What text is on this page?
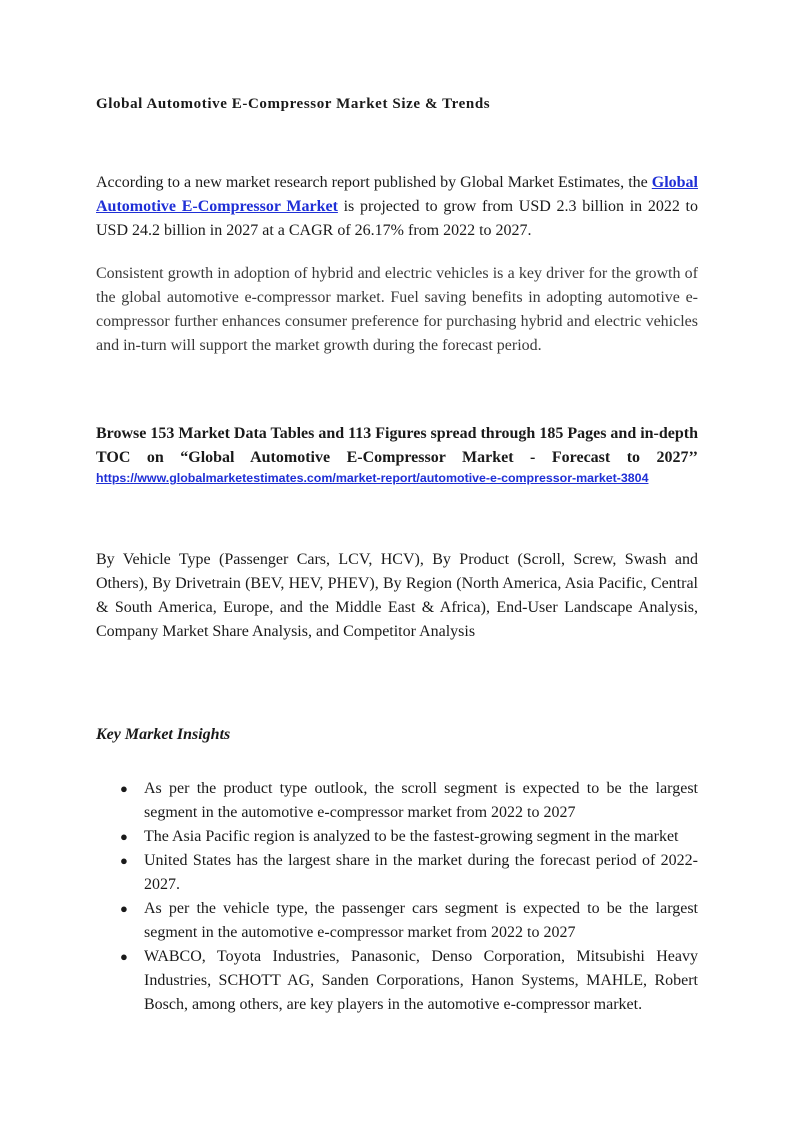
Global Automotive E-Compressor Market Size & Trends

According to a new market research report published by Global Market Estimates, the Global Automotive E-Compressor Market is projected to grow from USD 2.3 billion in 2022 to USD 24.2 billion in 2027 at a CAGR of 26.17% from 2022 to 2027.

Consistent growth in adoption of hybrid and electric vehicles is a key driver for the growth of the global automotive e-compressor market. Fuel saving benefits in adopting automotive e-compressor further enhances consumer preference for purchasing hybrid and electric vehicles and in-turn will support the market growth during the forecast period.

Browse 153 Market Data Tables and 113 Figures spread through 185 Pages and in-depth TOC on “Global Automotive E-Compressor Market - Forecast to 2027’’

https://www.globalmarketestimates.com/market-report/automotive-e-compressor-market-3804

By Vehicle Type (Passenger Cars, LCV, HCV), By Product (Scroll, Screw, Swash and Others), By Drivetrain (BEV, HEV, PHEV), By Region (North America, Asia Pacific, Central & South America, Europe, and the Middle East & Africa), End-User Landscape Analysis, Company Market Share Analysis, and Competitor Analysis

Key Market Insights
● As per the product type outlook, the scroll segment is expected to be the largest segment in the automotive e-compressor market from 2022 to 2027
● The Asia Pacific region is analyzed to be the fastest-growing segment in the market
● United States has the largest share in the market during the forecast period of 2022-2027.
● As per the vehicle type, the passenger cars segment is expected to be the largest segment in the automotive e-compressor market from 2022 to 2027
● WABCO, Toyota Industries, Panasonic, Denso Corporation, Mitsubishi Heavy Industries, SCHOTT AG, Sanden Corporations, Hanon Systems, MAHLE, Robert Bosch, among others, are key players in the automotive e-compressor market.
